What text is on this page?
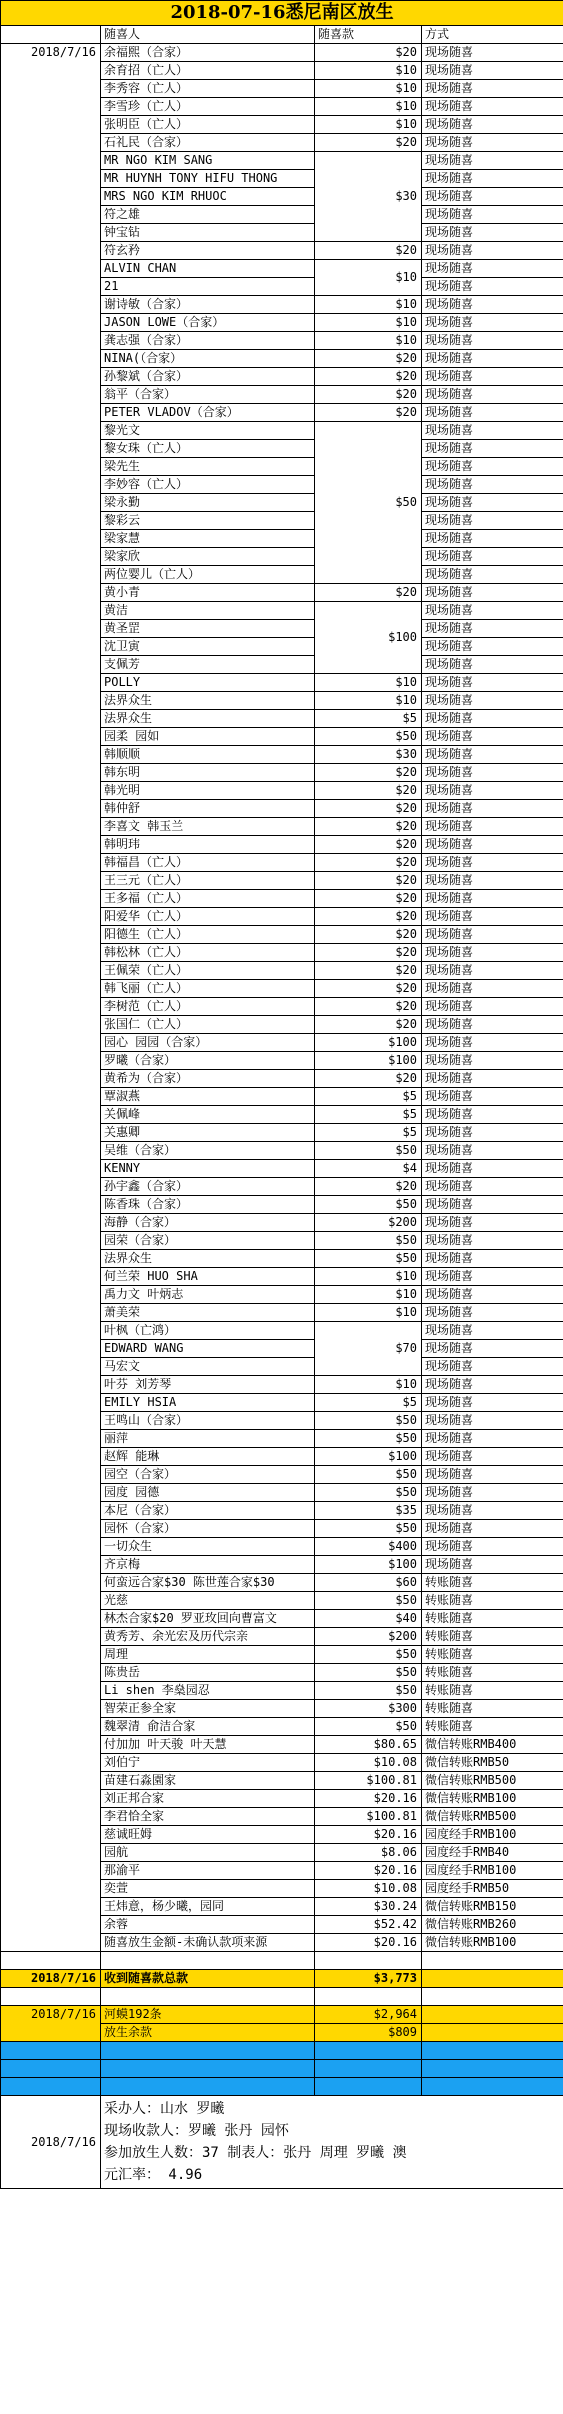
2018-07-16悉尼南区放生			
	随喜人	随喜款	方式
2018/7/16	余福熙（合家）	$20	现场随喜
	余育招（亡人）	$10	现场随喜
	李秀容（亡人）	$10	现场随喜
	李雪珍（亡人）	$10	现场随喜
	张明臣（亡人）	$10	现场随喜
	石礼民（合家）	$20	现场随喜
	MR NGO KIM SANG	$30	现场随喜
	MR HUYNH TONY HIFU THONG		现场随喜
	MRS NGO KIM RHUOC		现场随喜
	符之雄		现场随喜
	钟宝钻		现场随喜
	符玄矜	$20	现场随喜
	ALVIN CHAN	$10	现场随喜
	21		现场随喜
	谢诗敏（合家）	$10	现场随喜
	JASON LOWE（合家）	$10	现场随喜
	龚志强（合家）	$10	现场随喜
	NINA(（合家）	$20	现场随喜
	孙黎斌（合家）	$20	现场随喜
	翁平（合家）	$20	现场随喜
	PETER VLADOV（合家）	$20	现场随喜
	黎光文	$50	现场随喜
	黎女珠（亡人）		现场随喜
	梁先生		现场随喜
	李妙容（亡人）		现场随喜
	梁永勤		现场随喜
	黎彩云		现场随喜
	梁家慧		现场随喜
	梁家欣		现场随喜
	两位婴儿（亡人）		现场随喜
	黄小青	$20	现场随喜
	黄洁	$100	现场随喜
	黄圣罡		现场随喜
	沈卫寅		现场随喜
	支佩芳		现场随喜
	POLLY	$10	现场随喜
	法界众生	$10	现场随喜
	法界众生	$5	现场随喜
	园柔 园如	$50	现场随喜
	韩顺顺	$30	现场随喜
	韩东明	$20	现场随喜
	韩光明	$20	现场随喜
	韩仲舒	$20	现场随喜
	李喜文 韩玉兰	$20	现场随喜
	韩明玮	$20	现场随喜
	韩福昌（亡人）	$20	现场随喜
	王三元（亡人）	$20	现场随喜
	王多福（亡人）	$20	现场随喜
	阳爱华（亡人）	$20	现场随喜
	阳德生（亡人）	$20	现场随喜
	韩松林（亡人）	$20	现场随喜
	王佩荣（亡人）	$20	现场随喜
	韩飞丽（亡人）	$20	现场随喜
	李树范（亡人）	$20	现场随喜
	张国仁（亡人）	$20	现场随喜
	园心 园园（合家）	$100	现场随喜
	罗曦（合家）	$100	现场随喜
	黄希为（合家）	$20	现场随喜
	覃淑燕	$5	现场随喜
	关佩峰	$5	现场随喜
	关惠卿	$5	现场随喜
	吴维（合家）	$50	现场随喜
	KENNY	$4	现场随喜
	孙宇鑫（合家）	$20	现场随喜
	陈香珠（合家）	$50	现场随喜
	海静（合家）	$200	现场随喜
	园荣（合家）	$50	现场随喜
	法界众生	$50	现场随喜
	何兰荣 HUO SHA	$10	现场随喜
	禹力文 叶炳志	$10	现场随喜
	萧美荣	$10	现场随喜
	叶枫（亡鸿）	$70	现场随喜
	EDWARD WANG		现场随喜
	马宏文		现场随喜
	叶芬 刘芳琴	$10	现场随喜
	EMILY HSIA	$5	现场随喜
	王鸣山（合家）	$50	现场随喜
	丽萍	$50	现场随喜
	赵辉 能琳	$100	现场随喜
	园空（合家）	$50	现场随喜
	园度 园德	$50	现场随喜
	本尼（合家）	$35	现场随喜
	园怀（合家）	$50	现场随喜
	一切众生	$400	现场随喜
	齐京梅	$100	现场随喜
	何蛮远合家$30 陈世莲合家$30	$60	转账随喜
	光慈	$50	转账随喜
	林杰合家$20 罗亚玫回向曹富文	$40	转账随喜
	黄秀芳、余光宏及历代宗亲	$200	转账随喜
	周理	$50	转账随喜
	陈贵岳	$50	转账随喜
	Li shen 李燊园忍	$50	转账随喜
	智荣正参全家	$300	转账随喜
	魏翠清 俞洁合家	$50	转账随喜
	付加加 叶天骏 叶天慧	$80.65	微信转账RMB400
	刘伯宁	$10.08	微信转账RMB50
	苗建石淼園家	$100.81	微信转账RMB500
	刘正邦合家	$20.16	微信转账RMB100
	李君恰全家	$100.81	微信转账RMB500
	慈诚旺姆	$20.16	园度经手RMB100
	园航	$8.06	园度经手RMB40
	那渝平	$20.16	园度经手RMB100
	奕萱	$10.08	园度经手RMB50
	王炜意，杨少曦，园同	$30.24	微信转账RMB150
	余蓉	$52.42	微信转账RMB260
	随喜放生金额-未确认款项来源	$20.16	微信转账RMB100

2018/7/16	收到随喜款总款	$3,773	

2018/7/16	河蟆192条	$2,964	
	放生余款	$809	

2018/7/16	采办人：山水 罗曦
现场收款人：罗曦 张丹 园怀
参加放生人数：37 制表人：张丹 周理 罗曦 澳
元汇率： 4.96		
